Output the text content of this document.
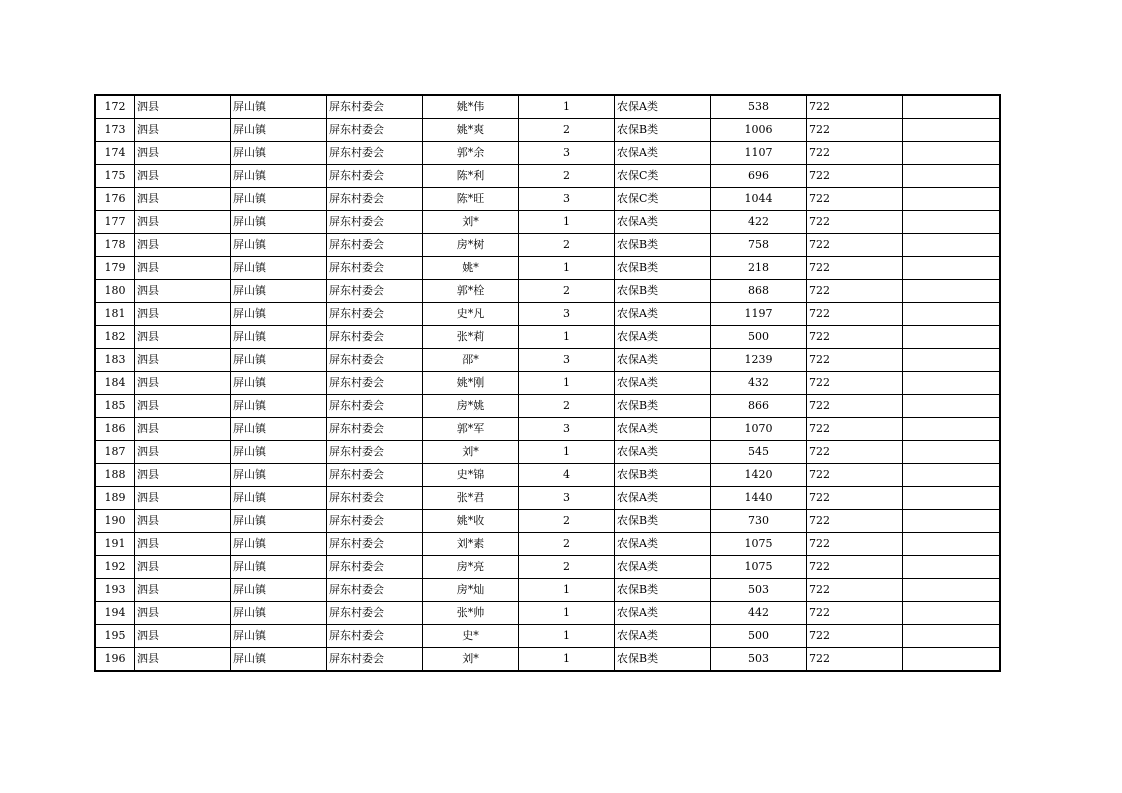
172	泗县	屏山镇	屏东村委会	姚*伟	1	农保A类	538	722	
173	泗县	屏山镇	屏东村委会	姚*爽	2	农保B类	1006	722	
174	泗县	屏山镇	屏东村委会	郭*余	3	农保A类	1107	722	
175	泗县	屏山镇	屏东村委会	陈*利	2	农保C类	696	722	
176	泗县	屏山镇	屏东村委会	陈*旺	3	农保C类	1044	722	
177	泗县	屏山镇	屏东村委会	刘*	1	农保A类	422	722	
178	泗县	屏山镇	屏东村委会	房*树	2	农保B类	758	722	
179	泗县	屏山镇	屏东村委会	姚*	1	农保B类	218	722	
180	泗县	屏山镇	屏东村委会	郭*栓	2	农保B类	868	722	
181	泗县	屏山镇	屏东村委会	史*凡	3	农保A类	1197	722	
182	泗县	屏山镇	屏东村委会	张*莉	1	农保A类	500	722	
183	泗县	屏山镇	屏东村委会	邵*	3	农保A类	1239	722	
184	泗县	屏山镇	屏东村委会	姚*刚	1	农保A类	432	722	
185	泗县	屏山镇	屏东村委会	房*姚	2	农保B类	866	722	
186	泗县	屏山镇	屏东村委会	郭*军	3	农保A类	1070	722	
187	泗县	屏山镇	屏东村委会	刘*	1	农保A类	545	722	
188	泗县	屏山镇	屏东村委会	史*锦	4	农保B类	1420	722	
189	泗县	屏山镇	屏东村委会	张*君	3	农保A类	1440	722	
190	泗县	屏山镇	屏东村委会	姚*收	2	农保B类	730	722	
191	泗县	屏山镇	屏东村委会	刘*素	2	农保A类	1075	722	
192	泗县	屏山镇	屏东村委会	房*亮	2	农保A类	1075	722	
193	泗县	屏山镇	屏东村委会	房*灿	1	农保B类	503	722	
194	泗县	屏山镇	屏东村委会	张*帅	1	农保A类	442	722	
195	泗县	屏山镇	屏东村委会	史*	1	农保A类	500	722	
196	泗县	屏山镇	屏东村委会	刘*	1	农保B类	503	722	
